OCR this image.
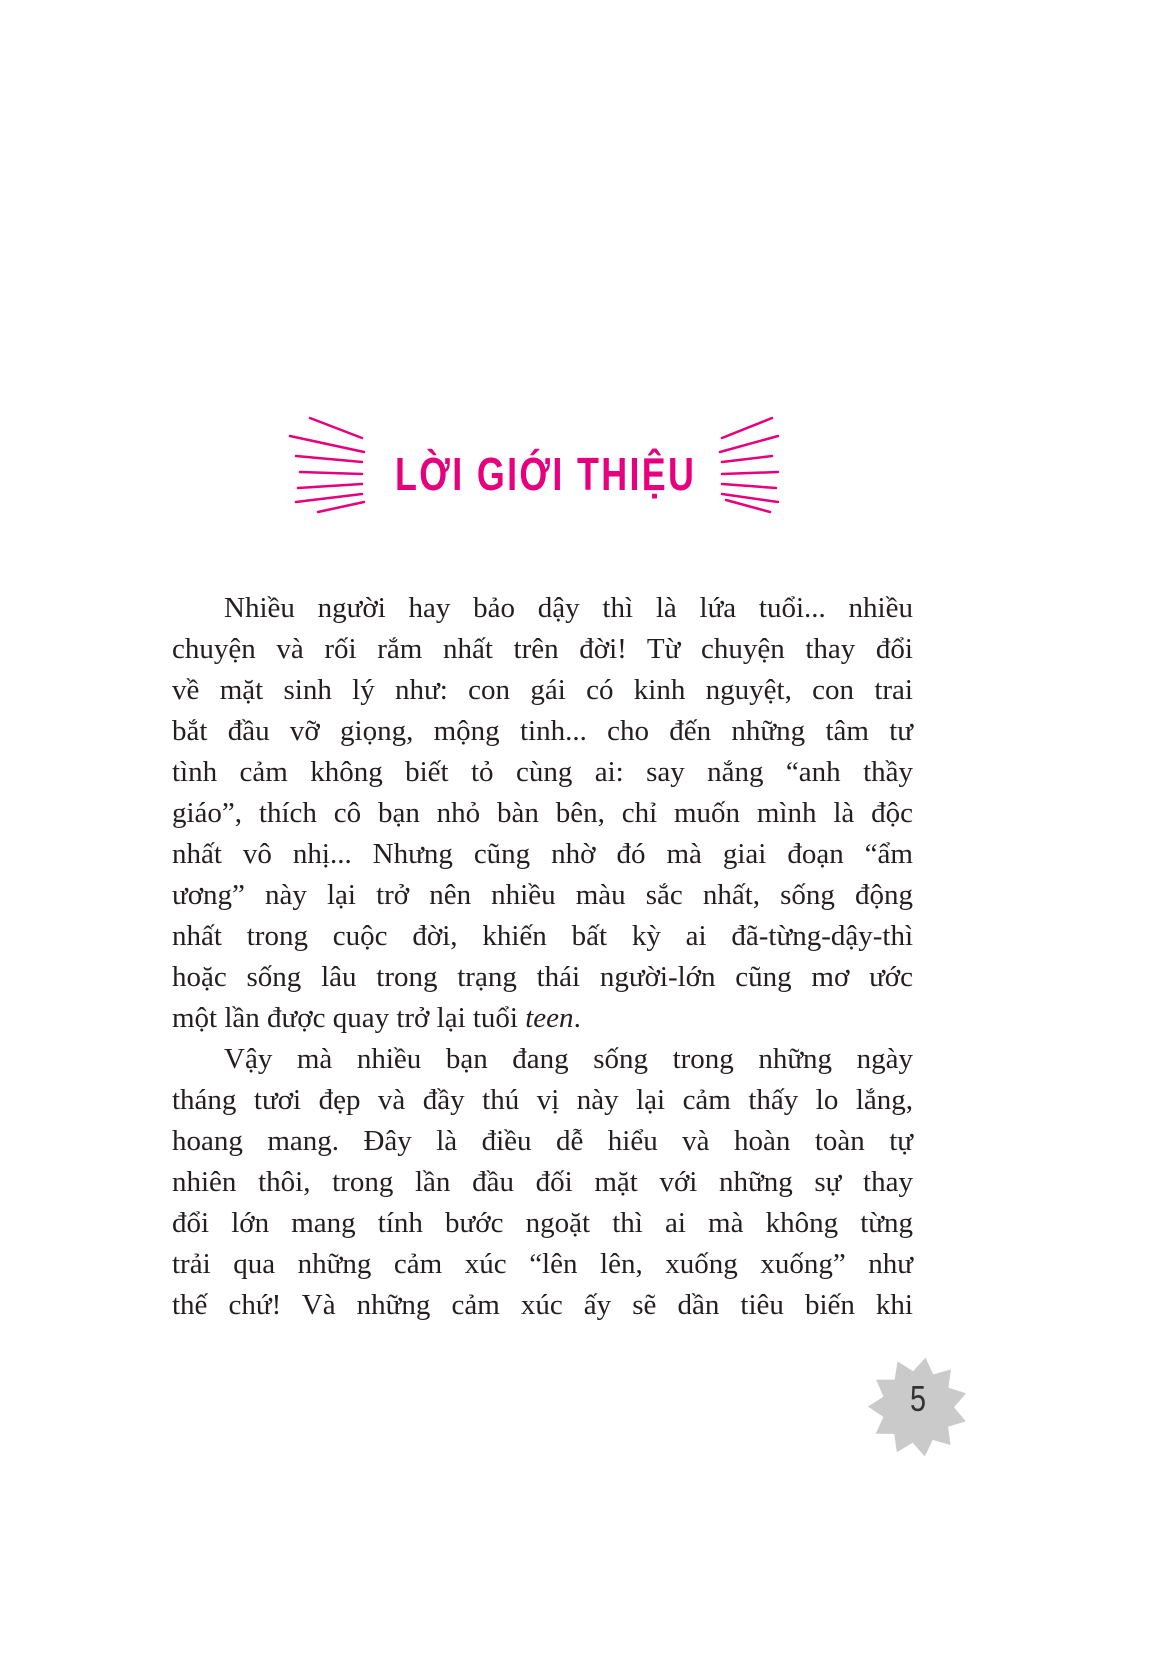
LỜI GIỚI THIỆU
Nhiều người hay bảo dậy thì là lứa tuổi... nhiều
chuyện và rối rắm nhất trên đời! Từ chuyện thay đổi
về mặt sinh lý như: con gái có kinh nguyệt, con trai
bắt đầu vỡ giọng, mộng tinh... cho đến những tâm tư
tình cảm không biết tỏ cùng ai: say nắng “anh thầy
giáo”, thích cô bạn nhỏ bàn bên, chỉ muốn mình là độc
nhất vô nhị... Nhưng cũng nhờ đó mà giai đoạn “ẩm
ương” này lại trở nên nhiều màu sắc nhất, sống động
nhất trong cuộc đời, khiến bất kỳ ai đã-từng-dậy-thì
hoặc sống lâu trong trạng thái người-lớn cũng mơ ước
một lần được quay trở lại tuổi teen.
Vậy mà nhiều bạn đang sống trong những ngày
tháng tươi đẹp và đầy thú vị này lại cảm thấy lo lắng,
hoang mang. Đây là điều dễ hiểu và hoàn toàn tự
nhiên thôi, trong lần đầu đối mặt với những sự thay
đổi lớn mang tính bước ngoặt thì ai mà không từng
trải qua những cảm xúc “lên lên, xuống xuống” như
thế chứ! Và những cảm xúc ấy sẽ dần tiêu biến khi
5
